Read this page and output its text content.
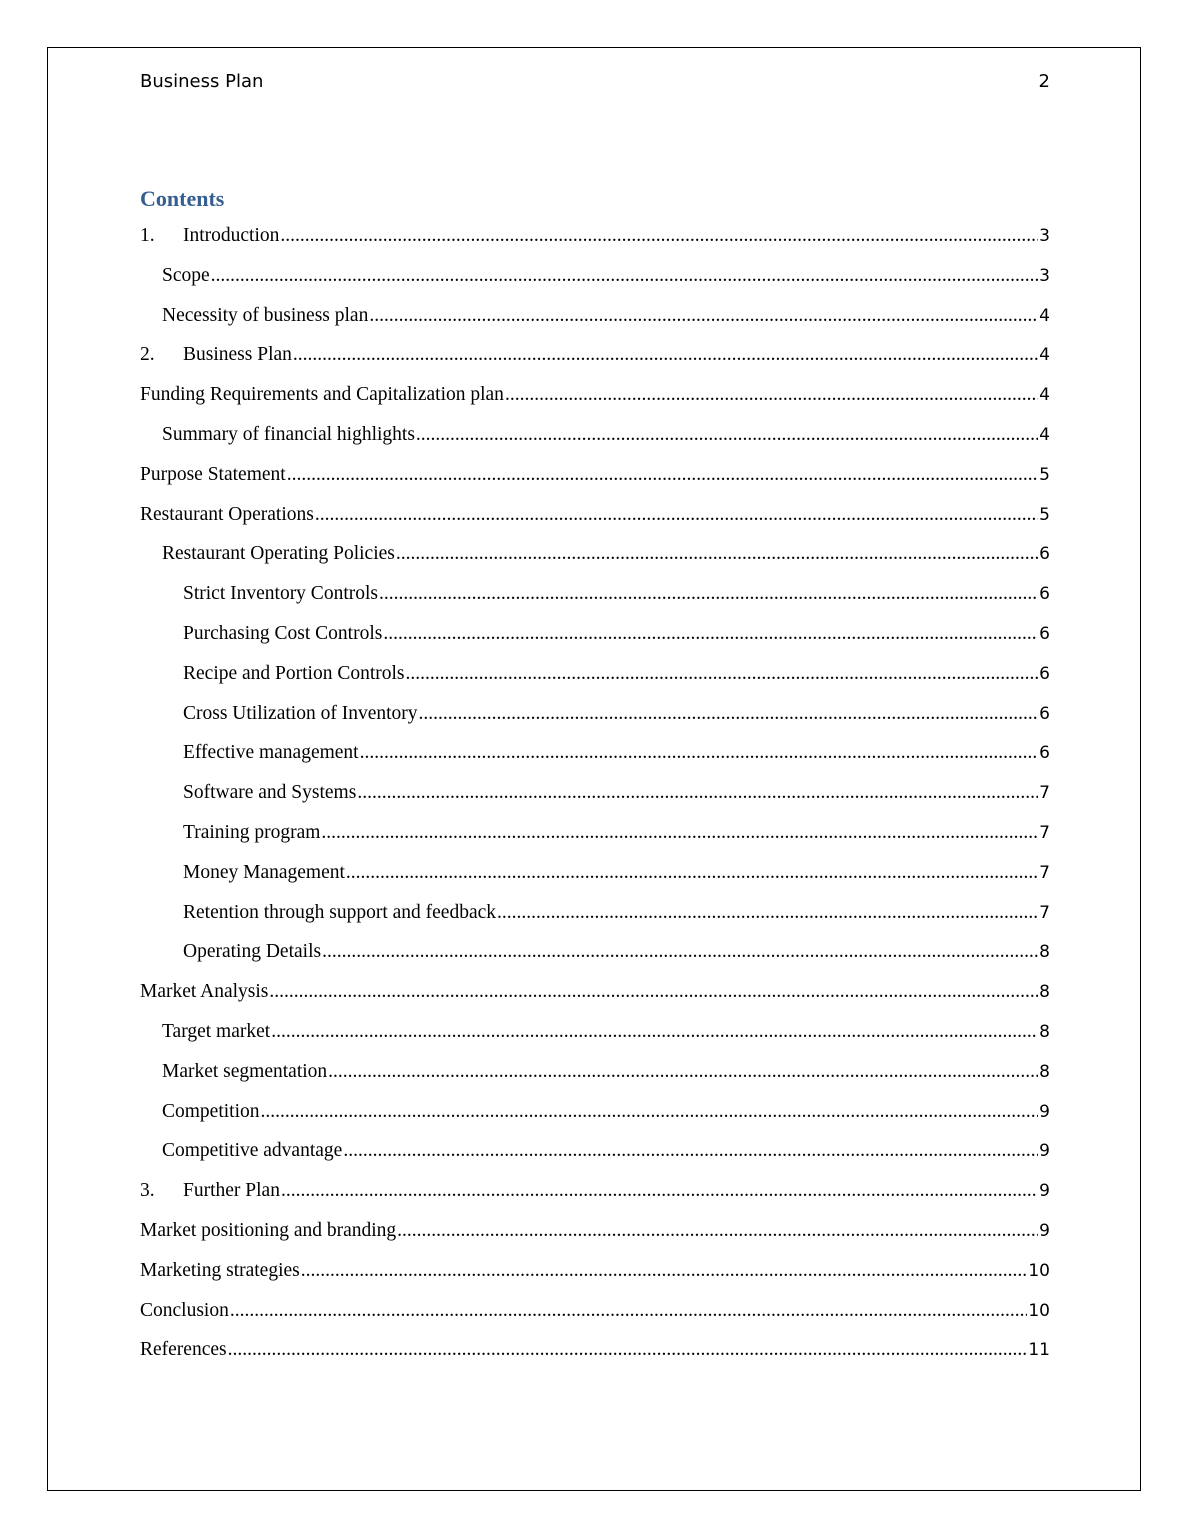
Business Plan	2
Contents
1.	Introduction .....	3
Scope .....	3
Necessity of business plan .....	4
2.	Business Plan .....	4
Funding Requirements and Capitalization plan .....	4
Summary of financial highlights .....	4
Purpose Statement .....	5
Restaurant Operations .....	5
Restaurant Operating Policies .....	6
Strict Inventory Controls .....	6
Purchasing Cost Controls .....	6
Recipe and Portion Controls .....	6
Cross Utilization of Inventory .....	6
Effective management .....	6
Software and Systems .....	7
Training program .....	7
Money Management .....	7
Retention through support and feedback .....	7
Operating Details .....	8
Market Analysis .....	8
Target market .....	8
Market segmentation .....	8
Competition .....	9
Competitive advantage .....	9
3.	Further Plan .....	9
Market positioning and branding .....	9
Marketing strategies .....	10
Conclusion .....	10
References .....	11
